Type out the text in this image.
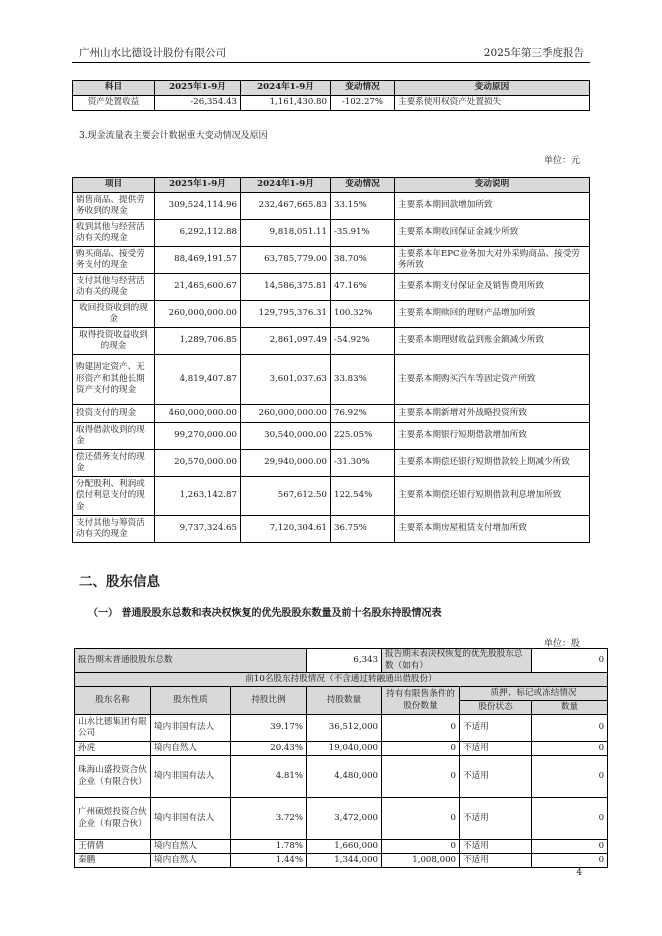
广州山水比德设计股份有限公司	2025年第三季度报告
科目	2025年1-9月	2024年1-9月	变动情况	变动原因
资产处置收益	-26,354.43	1,161,430.80	-102.27%	主要系使用权资产处置损失
3.现金流量表主要会计数据重大变动情况及原因
单位：元
项目	2025年1-9月	2024年1-9月	变动情况	变动说明
销售商品、提供劳务收到的现金	309,524,114.96	232,467,665.83	33.15%	主要系本期回款增加所致
收到其他与经营活动有关的现金	6,292,112.88	9,818,051.11	-35.91%	主要系本期收回保证金减少所致
购买商品、接受劳务支付的现金	88,469,191.57	63,785,779.00	38.70%	主要系本年EPC业务加大对外采购商品、接受劳务所致
支付其他与经营活动有关的现金	21,465,600.67	14,586,375.81	47.16%	主要系本期支付保证金及销售费用所致
收回投资收到的现金	260,000,000.00	129,795,376.31	100.32%	主要系本期赎回的理财产品增加所致
取得投资收益收到的现金	1,289,706.85	2,861,097.49	-54.92%	主要系本期理财收益到账金额减少所致
购建固定资产、无形资产和其他长期资产支付的现金	4,819,407.87	3,601,037.63	33.83%	主要系本期购买汽车等固定资产所致
投资支付的现金	460,000,000.00	260,000,000.00	76.92%	主要系本期新增对外战略投资所致
取得借款收到的现金	99,270,000.00	30,540,000.00	225.05%	主要系本期银行短期借款增加所致
偿还债务支付的现金	20,570,000.00	29,940,000.00	-31.30%	主要系本期偿还银行短期借款较上期减少所致
分配股利、利润或偿付利息支付的现金	1,263,142.87	567,612.50	122.54%	主要系本期偿还银行短期借款利息增加所致
支付其他与筹资活动有关的现金	9,737,324.65	7,120,304.61	36.75%	主要系本期房屋租赁支付增加所致
二、股东信息
（一） 普通股股东总数和表决权恢复的优先股股东数量及前十名股东持股情况表
单位：股
报告期末普通股股东总数			6,343	报告期末表决权恢复的优先股股东总数（如有）		0
前10名股东持股情况（不含通过转融通出借股份）						
股东名称	股东性质	持股比例	持股数量	持有有限售条件的股份数量	质押、标记或冻结情况	
					股份状态	数量
山水比德集团有限公司	境内非国有法人	39.17%	36,512,000	0	不适用	0
孙虎	境内自然人	20.43%	19,040,000	0	不适用	0
珠海山盛投资合伙企业（有限合伙）	境内非国有法人	4.81%	4,480,000	0	不适用	0
广州硕煜投资合伙企业（有限合伙）	境内非国有法人	3.72%	3,472,000	0	不适用	0
王倩倩	境内自然人	1.78%	1,660,000	0	不适用	0
秦鹏	境内自然人	1.44%	1,344,000	1,008,000	不适用	0
4
